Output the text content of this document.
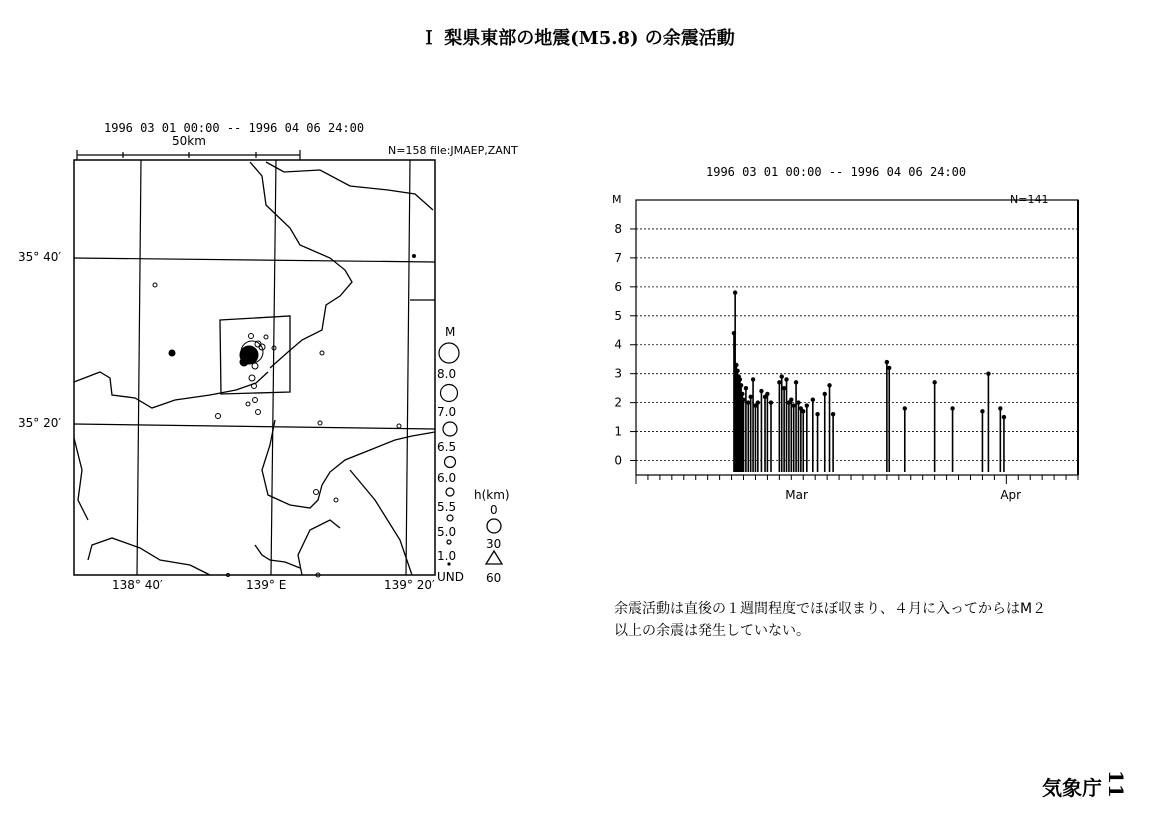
Ｉ 梨県東部の地震(M5.8) の余震活動
1996 03 01 00:00 -- 1996 04 06 24:00
50km
N=158 file:JMAEP,ZANT
35° 40′
35° 20′
138° 40′	139° E	139° 20′
M
8.0
7.0
6.5
6.0
5.5
5.0
1.0
UND
h(km)
0
30
60
1996 03 01 00:00 -- 1996 04 06 24:00
M	N=141
余震活動は直後の１週間程度でほぼ収まり、４月に入ってからはM２以上の余震は発生していない。
気象庁 11
8
7
6
5
4
3
2
1
0
Mar	Apr
